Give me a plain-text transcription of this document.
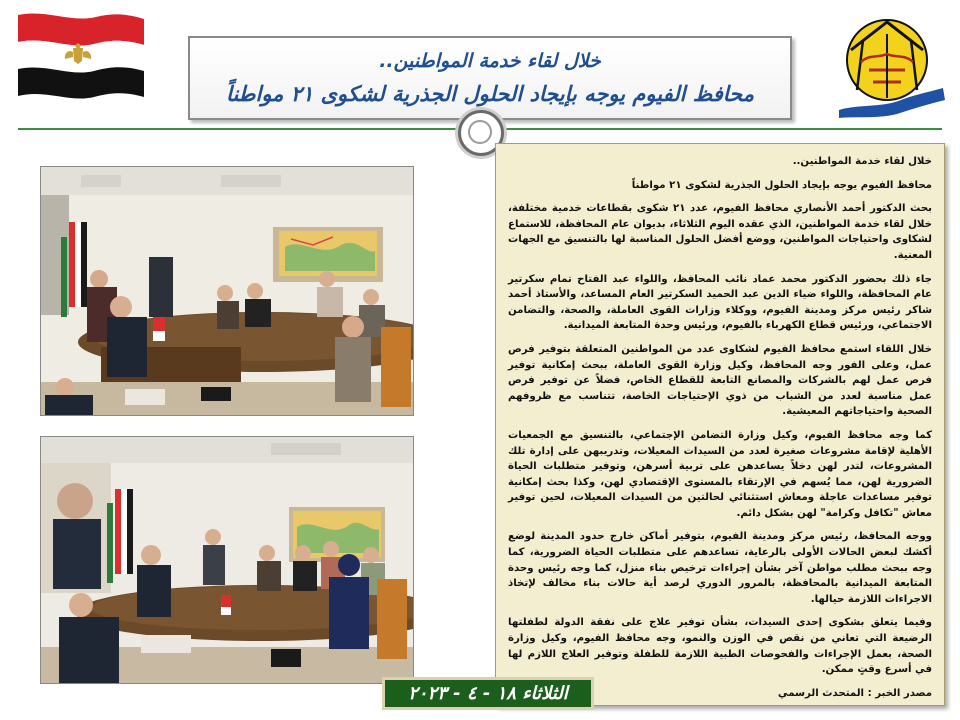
خلال لقاء خدمة المواطنين..
محافظ الفيوم يوجه بإيجاد الحلول الجذرية لشكوى ٢١ مواطناً

خلال لقاء خدمة المواطنين..

محافظ الفيوم يوجه بإيجاد الحلول الجذرية لشكوى ٢١ مواطناً

بحث الدكتور أحمد الأنصاري محافظ الفيوم، عدد ٢١ شكوى بقطاعات خدمية مختلفة، خلال لقاء خدمة المواطنين، الذي عقده اليوم الثلاثاء، بديوان عام المحافظة، للاستماع لشكاوى واحتياجات المواطنين، ووضع أفضل الحلول المناسبة لها بالتنسيق مع الجهات المعنية.

جاء ذلك بحضور الدكتور محمد عماد نائب المحافظ، واللواء عبد الفتاح تمام سكرتير عام المحافظة، واللواء ضياء الدين عبد الحميد السكرتير العام المساعد، والأستاذ أحمد شاكر رئيس مركز ومدينة الفيوم، ووكلاء وزارات القوى العاملة، والصحة، والتضامن الاجتماعي، ورئيس قطاع الكهرباء بالفيوم، ورئيس وحدة المتابعة الميدانية.

خلال اللقاء استمع محافظ الفيوم لشكاوى عدد من المواطنين المتعلقة بتوفير فرص عمل، وعلى الفور وجه المحافظ، وكيل وزارة القوى العاملة، ببحث إمكانية توفير فرص عمل لهم بالشركات والمصانع التابعة للقطاع الخاص، فضلاً عن توفير فرص عمل مناسبة لعدد من الشباب من ذوي الإحتياجات الخاصة، تتناسب مع ظروفهم الصحية واحتياجاتهم المعيشية.

كما وجه محافظ الفيوم، وكيل وزارة التضامن الإجتماعي، بالتنسيق مع الجمعيات الأهلية لإقامة مشروعات صغيرة لعدد من السيدات المعيلات، وتدريبهن على إدارة تلك المشروعات، لتدر لهن دخلاً يساعدهن على تربية أسرهن، وتوفير متطلبات الحياة الضرورية لهن، مما يُسهم في الإرتقاء بالمستوى الإقتصادي لهن، وكذا بحث إمكانية توفير مساعدات عاجلة ومعاش استثنائي لحالتين من السيدات المعيلات، لحين توفير معاش "تكافل وكرامة" لهن بشكل دائم.

ووجه المحافظ، رئيس مركز ومدينة الفيوم، بتوفير أماكن خارج حدود المدينة لوضع أكشك لبعض الحالات الأولى بالرعاية، تساعدهم على متطلبات الحياة الضرورية، كما وجه ببحث مطلب مواطن آخر بشأن إجراءات ترخيص بناء منزل، كما وجه رئيس وحدة المتابعة الميدانية بالمحافظة، بالمرور الدوري لرصد أية حالات بناء مخالف لإتخاذ الاجراءات اللازمة حيالها.

وفيما يتعلق بشكوى إحدى السيدات، بشأن توفير علاج على نفقة الدولة لطفلتها الرضيعة التي تعاني من نقص في الوزن والنمو، وجه محافظ الفيوم، وكيل وزارة الصحة، بعمل الإجراءات والفحوصات الطبية اللازمة للطفلة وتوفير العلاج اللازم لها في أسرع وقتٍ ممكن.

مصدر الخبر : المتحدث الرسمي

الثلاثاء ١٨ - ٤ - ٢٠٢٣
